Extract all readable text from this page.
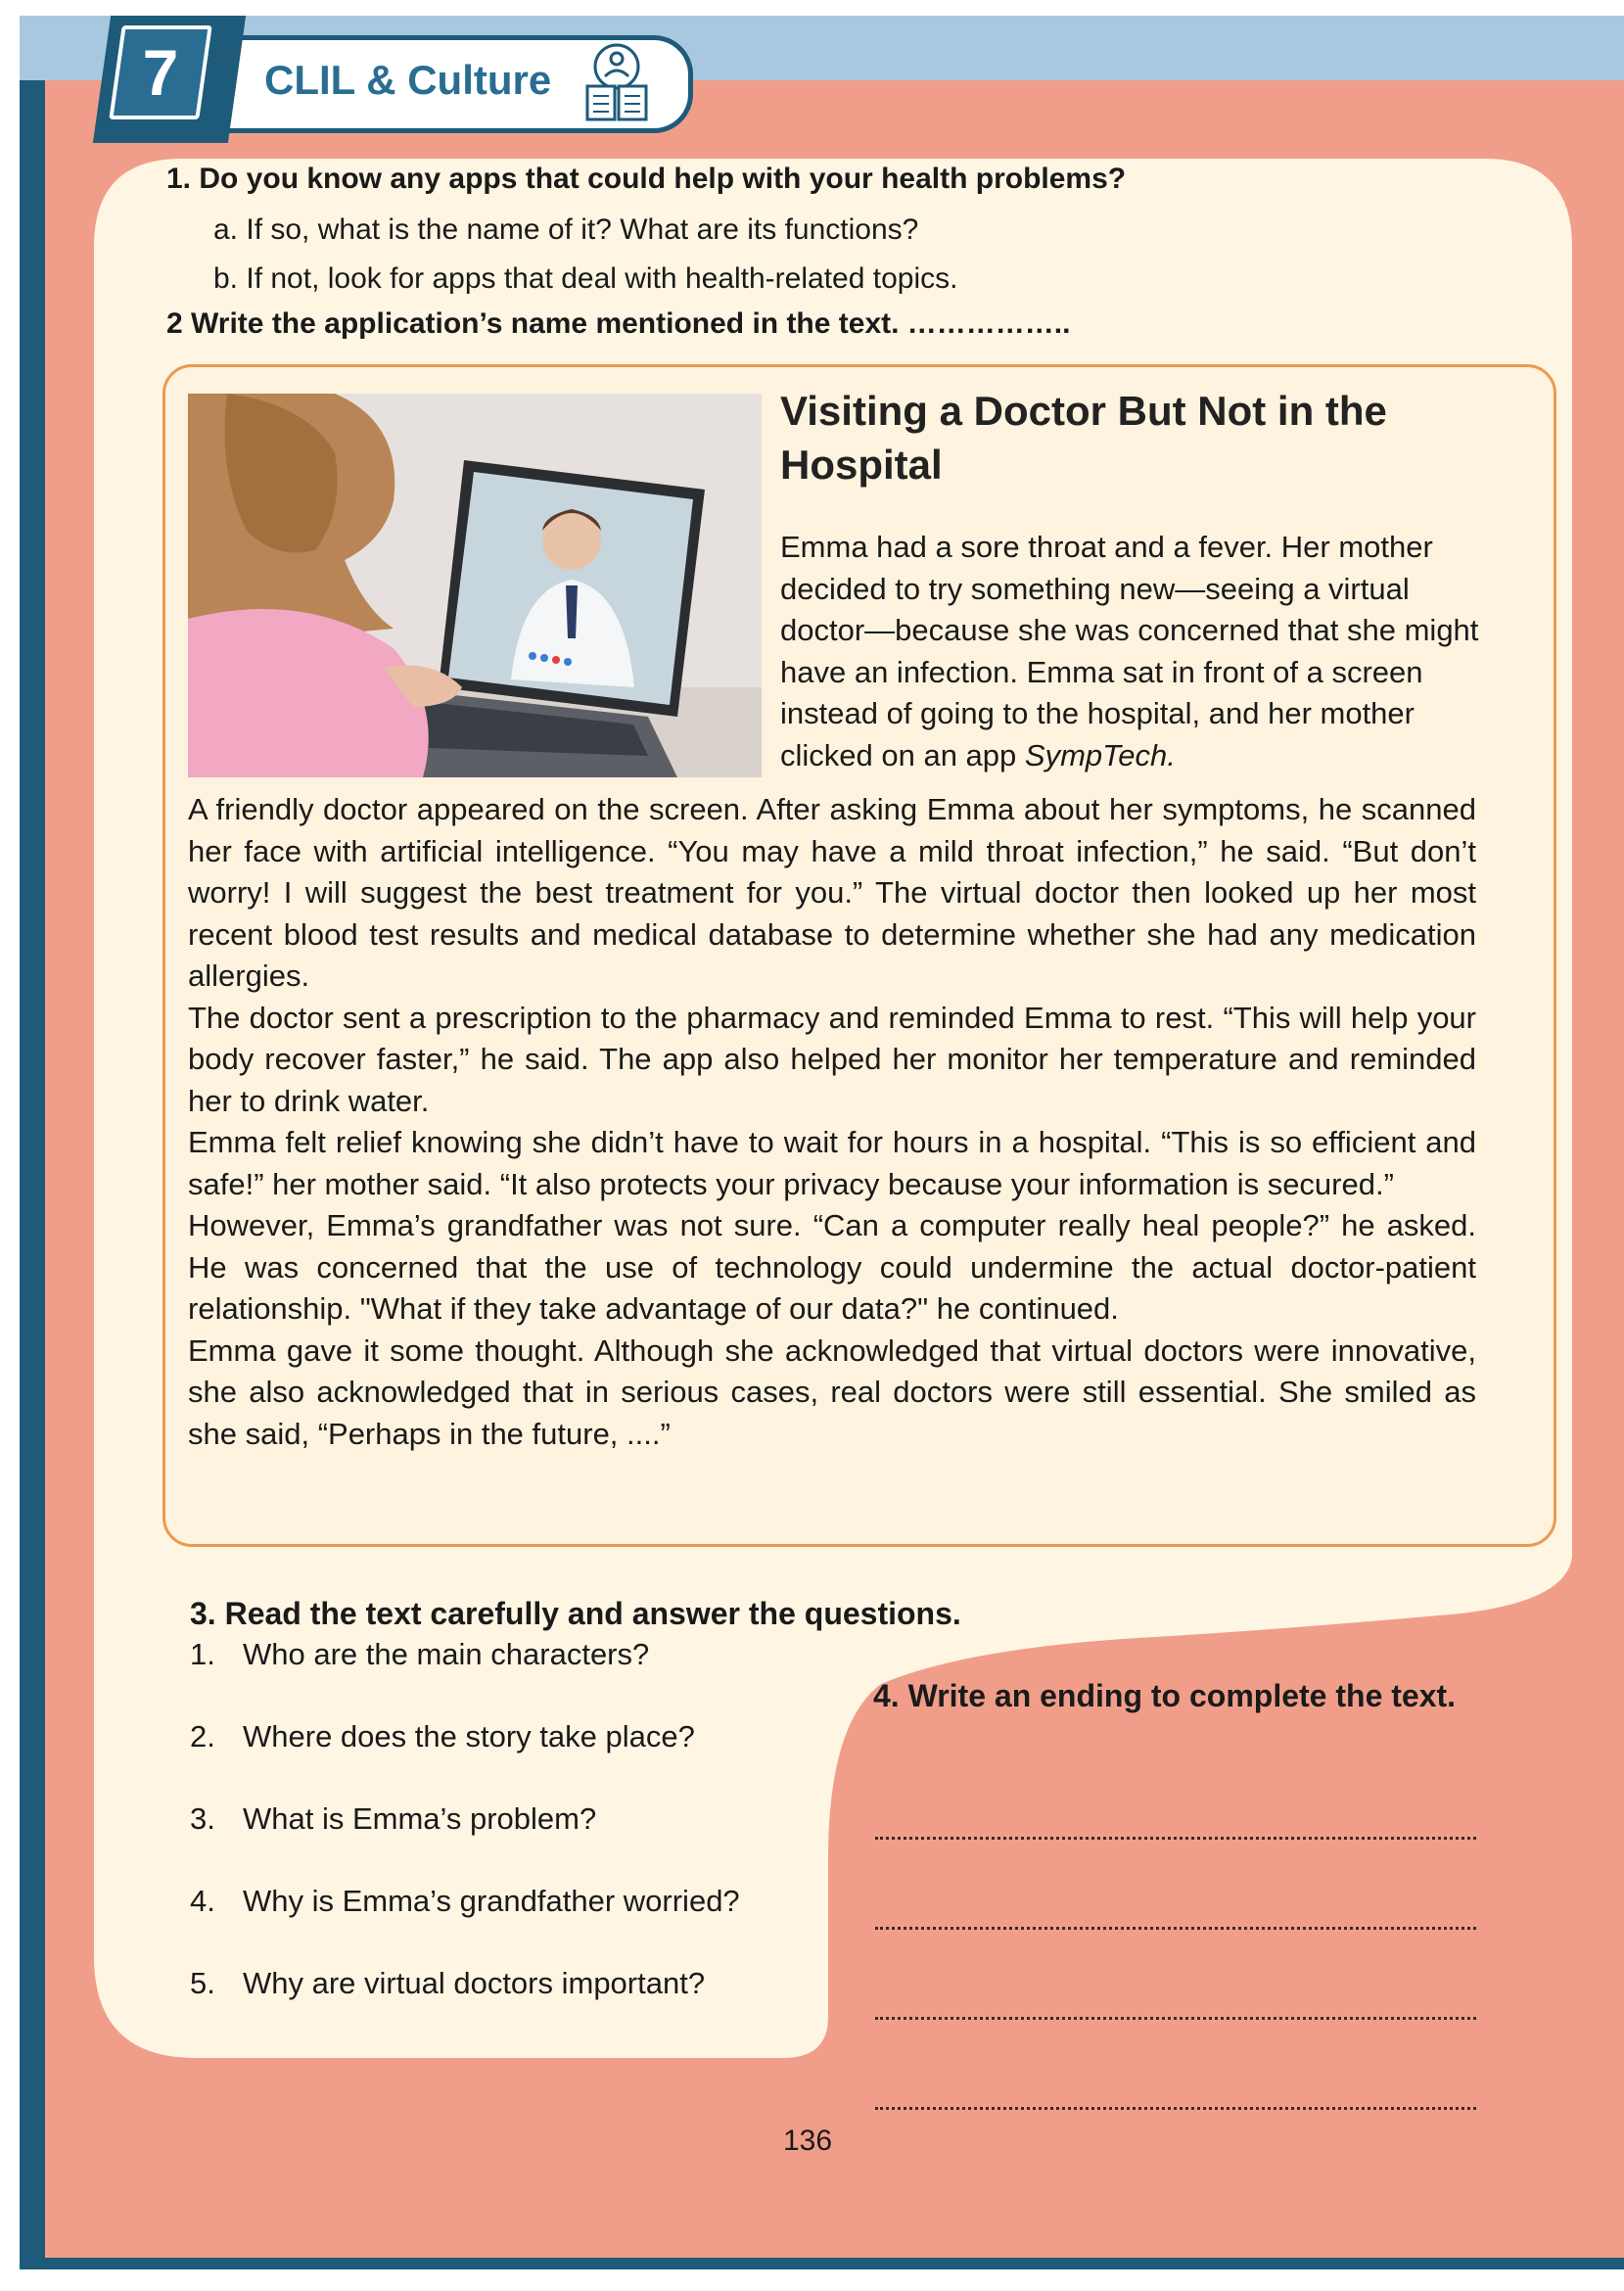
7	CLIL & Culture
1. Do you know any apps that could help with your health problems?
a. If so, what is the name of it? What are its functions?
b. If not, look for apps that deal with health-related topics.
2 Write the application’s name mentioned in the text. ……………..
Visiting a Doctor But Not in the Hospital
Emma had a sore throat and a fever. Her mother decided to try something new—seeing a virtual doctor—because she was concerned that she might have an infection. Emma sat in front of a screen instead of going to the hospital, and her mother clicked on an app SympTech.

A friendly doctor appeared on the screen. After asking Emma about her symptoms, he scanned her face with artificial intelligence. “You may have a mild throat infection,” he said. “But don’t worry! I will suggest the best treatment for you.” The virtual doctor then looked up her most recent blood test results and medical database to determine whether she had any medication allergies.

The doctor sent a prescription to the pharmacy and reminded Emma to rest. “This will help your body recover faster,” he said. The app also helped her monitor her temperature and reminded her to drink water.

Emma felt relief knowing she didn’t have to wait for hours in a hospital. “This is so efficient and safe!” her mother said. “It also protects your privacy because your information is secured.”

However, Emma’s grandfather was not sure. “Can a computer really heal people?” he asked. He was concerned that the use of technology could undermine the actual doctor-patient relationship. "What if they take advantage of our data?" he continued.

Emma gave it some thought. Although she acknowledged that virtual doctors were innovative, she also acknowledged that in serious cases, real doctors were still essential. She smiled as she said, “Perhaps in the future, ....”

3. Read the text carefully and answer the questions.
1. Who are the main characters?
2. Where does the story take place?
3. What is Emma’s problem?
4. Why is Emma’s grandfather worried?
5. Why are virtual doctors important?
4. Write an ending to complete the text.
136
